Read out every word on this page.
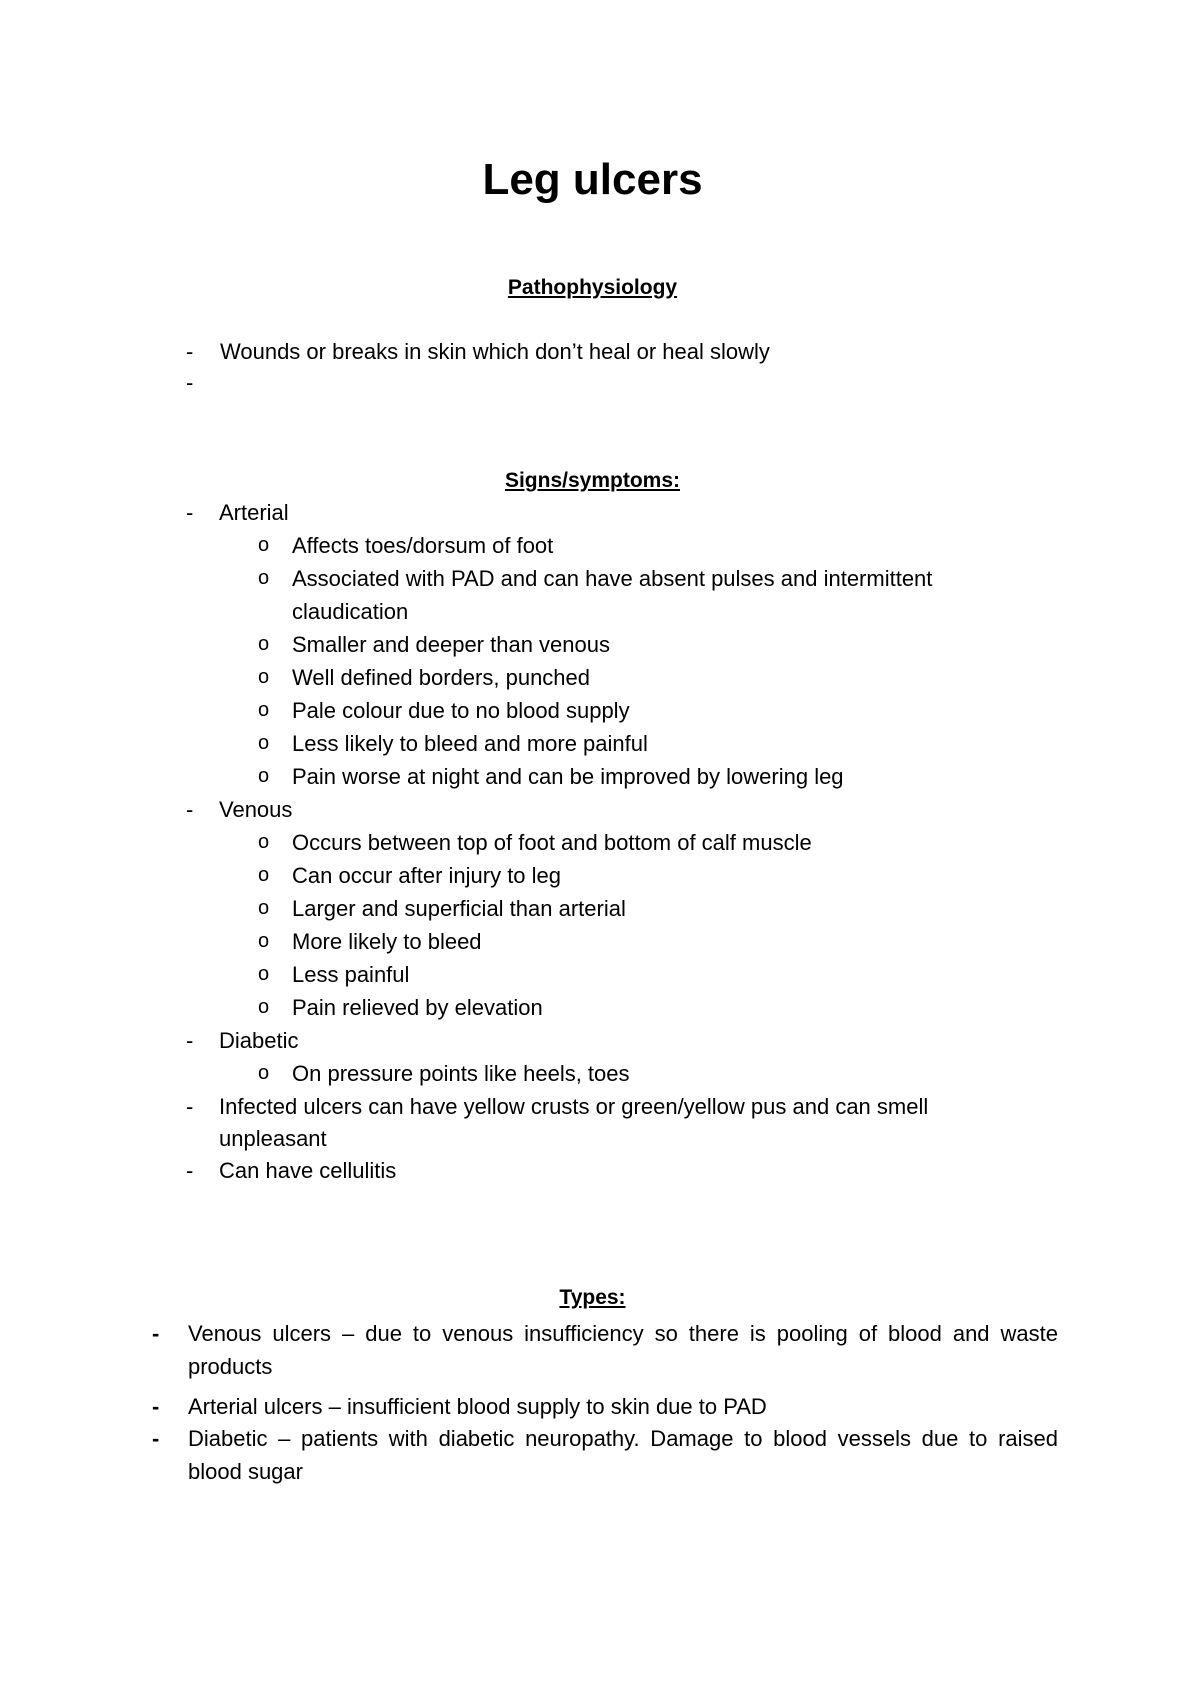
Leg ulcers
Pathophysiology
- Wounds or breaks in skin which don’t heal or heal slowly
-
Signs/symptoms:
- Arterial
o Affects toes/dorsum of foot
o Associated with PAD and can have absent pulses and intermittent
claudication
o Smaller and deeper than venous
o Well defined borders, punched
o Pale colour due to no blood supply
o Less likely to bleed and more painful
o Pain worse at night and can be improved by lowering leg
- Venous
o Occurs between top of foot and bottom of calf muscle
o Can occur after injury to leg
o Larger and superficial than arterial
o More likely to bleed
o Less painful
o Pain relieved by elevation
- Diabetic
o On pressure points like heels, toes
- Infected ulcers can have yellow crusts or green/yellow pus and can smell
unpleasant
- Can have cellulitis
Types:
- Venous ulcers – due to venous insufficiency so there is pooling of blood and waste products
- Arterial ulcers – insufficient blood supply to skin due to PAD
- Diabetic – patients with diabetic neuropathy. Damage to blood vessels due to raised blood sugar
